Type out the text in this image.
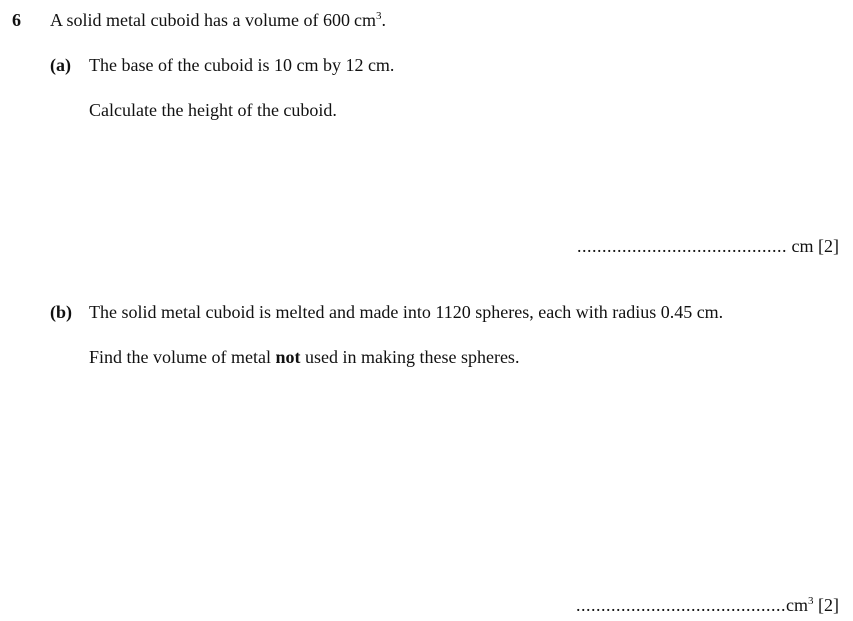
6 A solid metal cuboid has a volume of 600 $cm^3$.
(a) The base of the cuboid is 10 cm by 12 cm.
Calculate the height of the cuboid.
.......................................... cm [2]
(b) The solid metal cuboid is melted and made into 1120 spheres, each with radius 0.45 cm.
Find the volume of metal not used in making these spheres.
$..........................................cm^3$ [2]
